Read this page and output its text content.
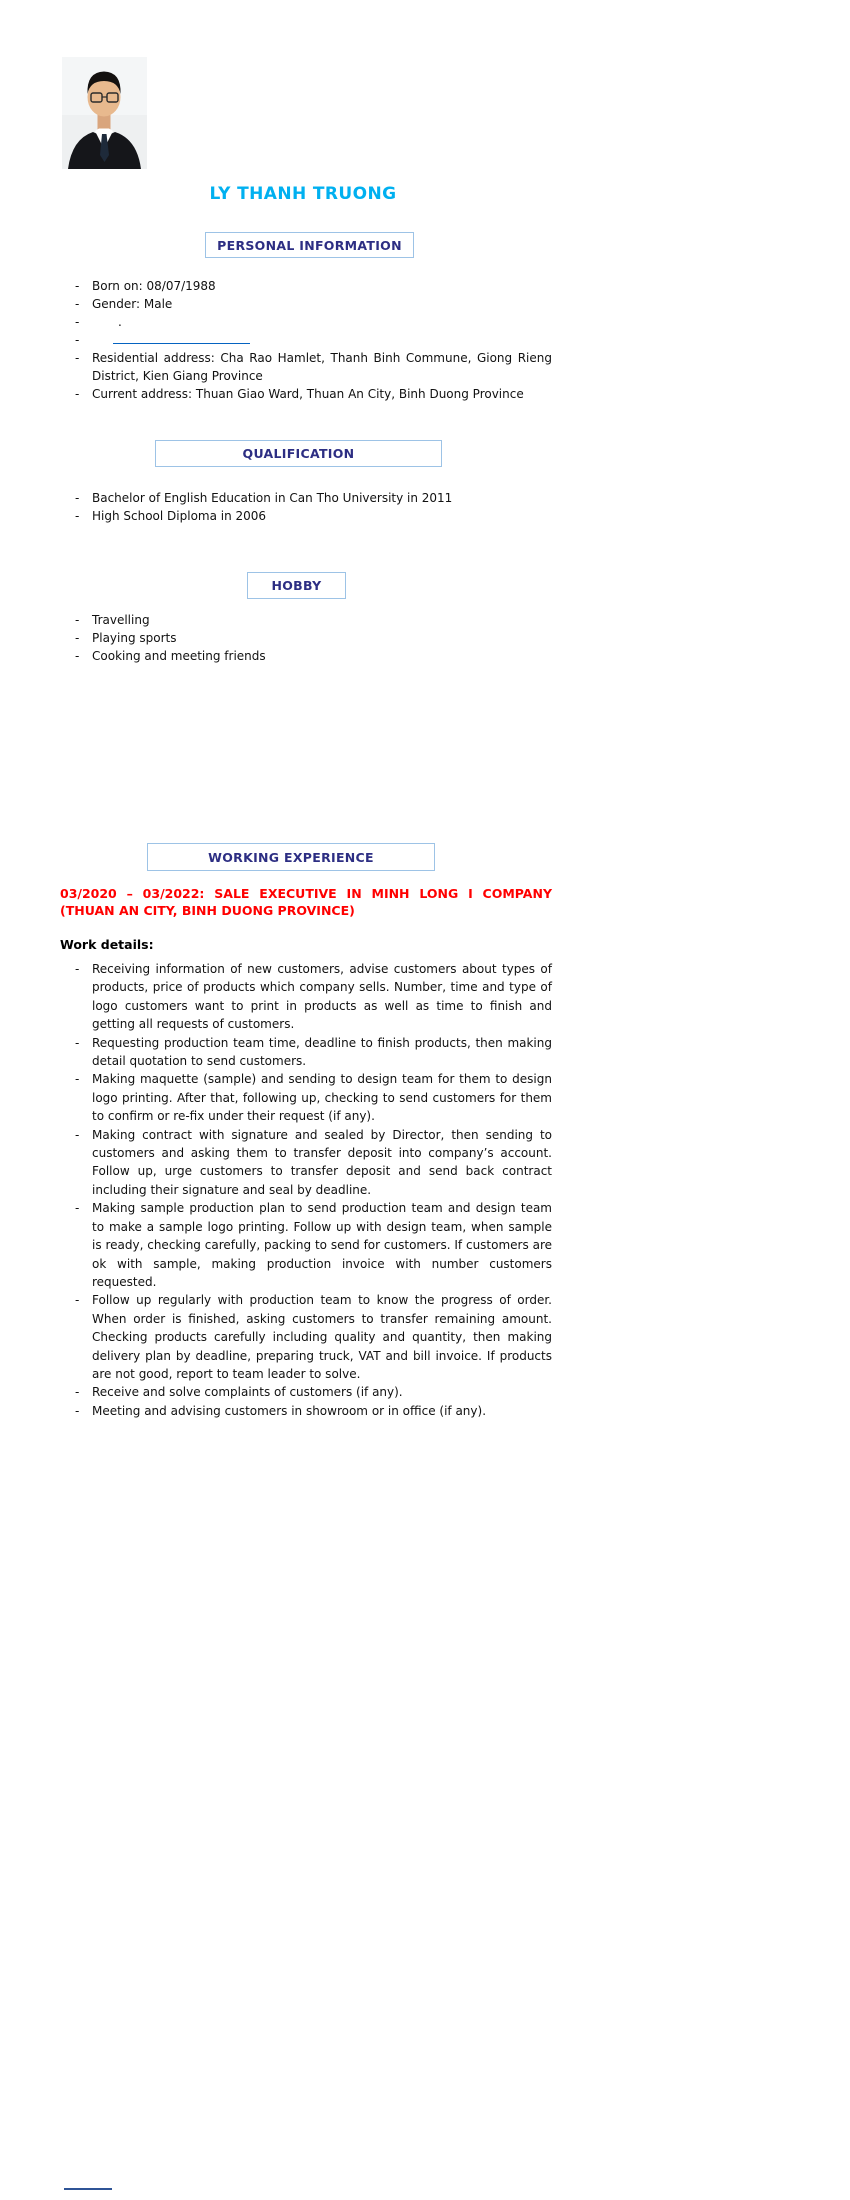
LY THANH TRUONG
PERSONAL INFORMATION
- Born on: 08/07/1988
- Gender: Male
- .
-
- Residential address: Cha Rao Hamlet, Thanh Binh Commune, Giong Rieng District, Kien Giang Province
- Current address: Thuan Giao Ward, Thuan An City, Binh Duong Province
QUALIFICATION
- Bachelor of English Education in Can Tho University in 2011
- High School Diploma in 2006
HOBBY
- Travelling
- Playing sports
- Cooking and meeting friends
WORKING EXPERIENCE
03/2020 – 03/2022: SALE EXECUTIVE IN MINH LONG I COMPANY
(THUAN AN CITY, BINH DUONG PROVINCE)
Work details:
- Receiving information of new customers, advise customers about types of products, price of products which company sells. Number, time and type of logo customers want to print in products as well as time to finish and getting all requests of customers.
- Requesting production team time, deadline to finish products, then making detail quotation to send customers.
- Making maquette (sample) and sending to design team for them to design logo printing. After that, following up, checking to send customers for them to confirm or re-fix under their request (if any).
- Making contract with signature and sealed by Director, then sending to customers and asking them to transfer deposit into company’s account. Follow up, urge customers to transfer deposit and send back contract including their signature and seal by deadline.
- Making sample production plan to send production team and design team to make a sample logo printing. Follow up with design team, when sample is ready, checking carefully, packing to send for customers. If customers are ok with sample, making production invoice with number customers requested.
- Follow up regularly with production team to know the progress of order. When order is finished, asking customers to transfer remaining amount. Checking products carefully including quality and quantity, then making delivery plan by deadline, preparing truck, VAT and bill invoice. If products are not good, report to team leader to solve.
- Receive and solve complaints of customers (if any).
- Meeting and advising customers in showroom or in office (if any).
